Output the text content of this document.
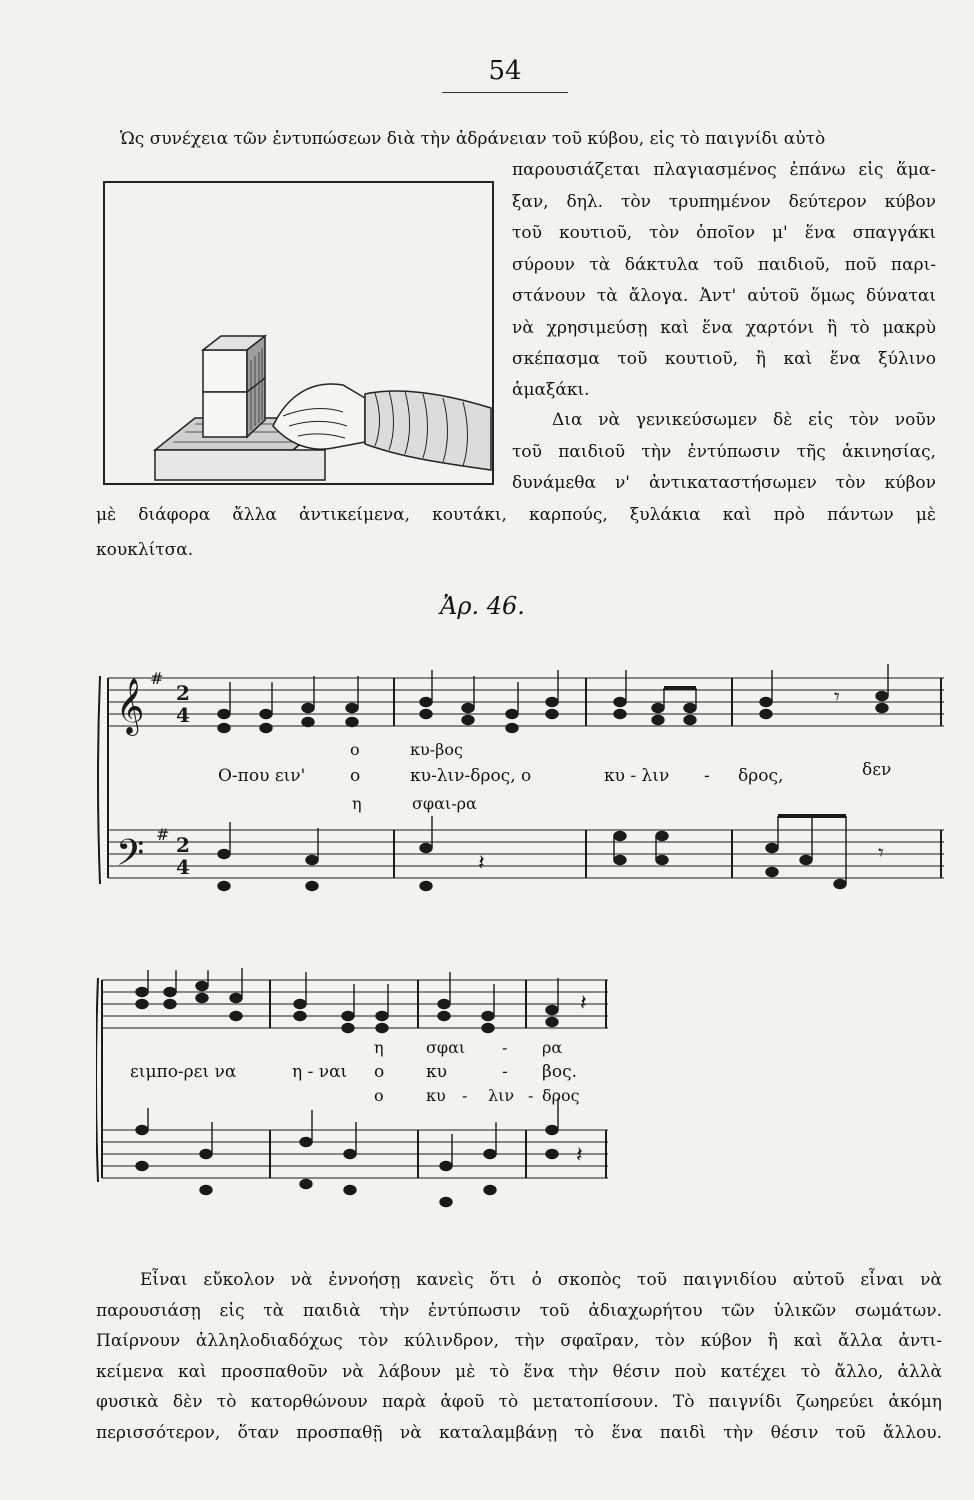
54
Ὡς συνέχεια τῶν ἐντυπώσεων διὰ τὴν ἀδράνειαν τοῦ κύβου, εἰς τὸ παιγνίδι αὐτὸ
παρουσιάζεται πλαγιασμένος ἐπάνω εἰς ἅμα-
ξαν, δηλ. τὸν τρυπημένον δεύτερον κύβον
τοῦ κουτιοῦ, τὸν ὁποῖον μ' ἕνα σπαγγάκι
σύρουν τὰ δάκτυλα τοῦ παιδιοῦ, ποῦ παρι-
στάνουν τὰ ἄλογα. Ἀντ' αὐτοῦ ὅμως δύναται
νὰ χρησιμεύσῃ καὶ ἕνα χαρτόνι ἢ τὸ μακρὺ
σκέπασμα τοῦ κουτιοῦ, ἢ καὶ ἕνα ξύλινο
ἁμαξάκι.
Δια νὰ γενικεύσωμεν δὲ εἰς τὸν νοῦν
τοῦ παιδιοῦ τὴν ἐντύπωσιν τῆς ἀκινησίας,
δυνάμεθα ν' ἀντικαταστήσωμεν τὸν κύβον
μὲ διάφορα ἄλλα ἀντικείμενα, κουτάκι, καρπούς, ξυλάκια καὶ πρὸ πάντων μὲ
κουκλίτσα.
Ἀρ. 46.
𝄞 #
2
4
𝄢 # 2
4
𝄾
𝄽	𝄾
ο	κυ-βος
Ο-που ειν'	ο	κυ-λιν-δρος, ο	κυ - λιν - δρος,	δεν
η	σφαι-ρα
𝄽
𝄽
η	σφαι - ρα
ειμπο-ρει να	η - ναι ο κυ	- βος.
ο	κυ - λιν - δρος
Εἶναι εὔκολον νὰ ἐννοήσῃ κανεὶς ὅτι ὁ σκοπὸς τοῦ παιγνιδίου αὐτοῦ εἶναι νὰ
παρουσιάσῃ εἰς τὰ παιδιὰ τὴν ἐντύπωσιν τοῦ ἀδιαχωρήτου τῶν ὑλικῶν σωμάτων.
Παίρνουν ἀλληλοδιαδόχως τὸν κύλινδρον, τὴν σφαῖραν, τὸν κύβον ἢ καὶ ἄλλα ἀντι-
κείμενα καὶ προσπαθοῦν νὰ λάβουν μὲ τὸ ἕνα τὴν θέσιν ποὺ κατέχει τὸ ἄλλο, ἀλλὰ
φυσικὰ δὲν τὸ κατορθώνουν παρὰ ἀφοῦ τὸ μετατοπίσουν. Τὸ παιγνίδι ζωηρεύει ἀκόμη
περισσότερον, ὅταν προσπαθῇ νὰ καταλαμβάνῃ τὸ ἕνα παιδὶ τὴν θέσιν τοῦ ἄλλου.
